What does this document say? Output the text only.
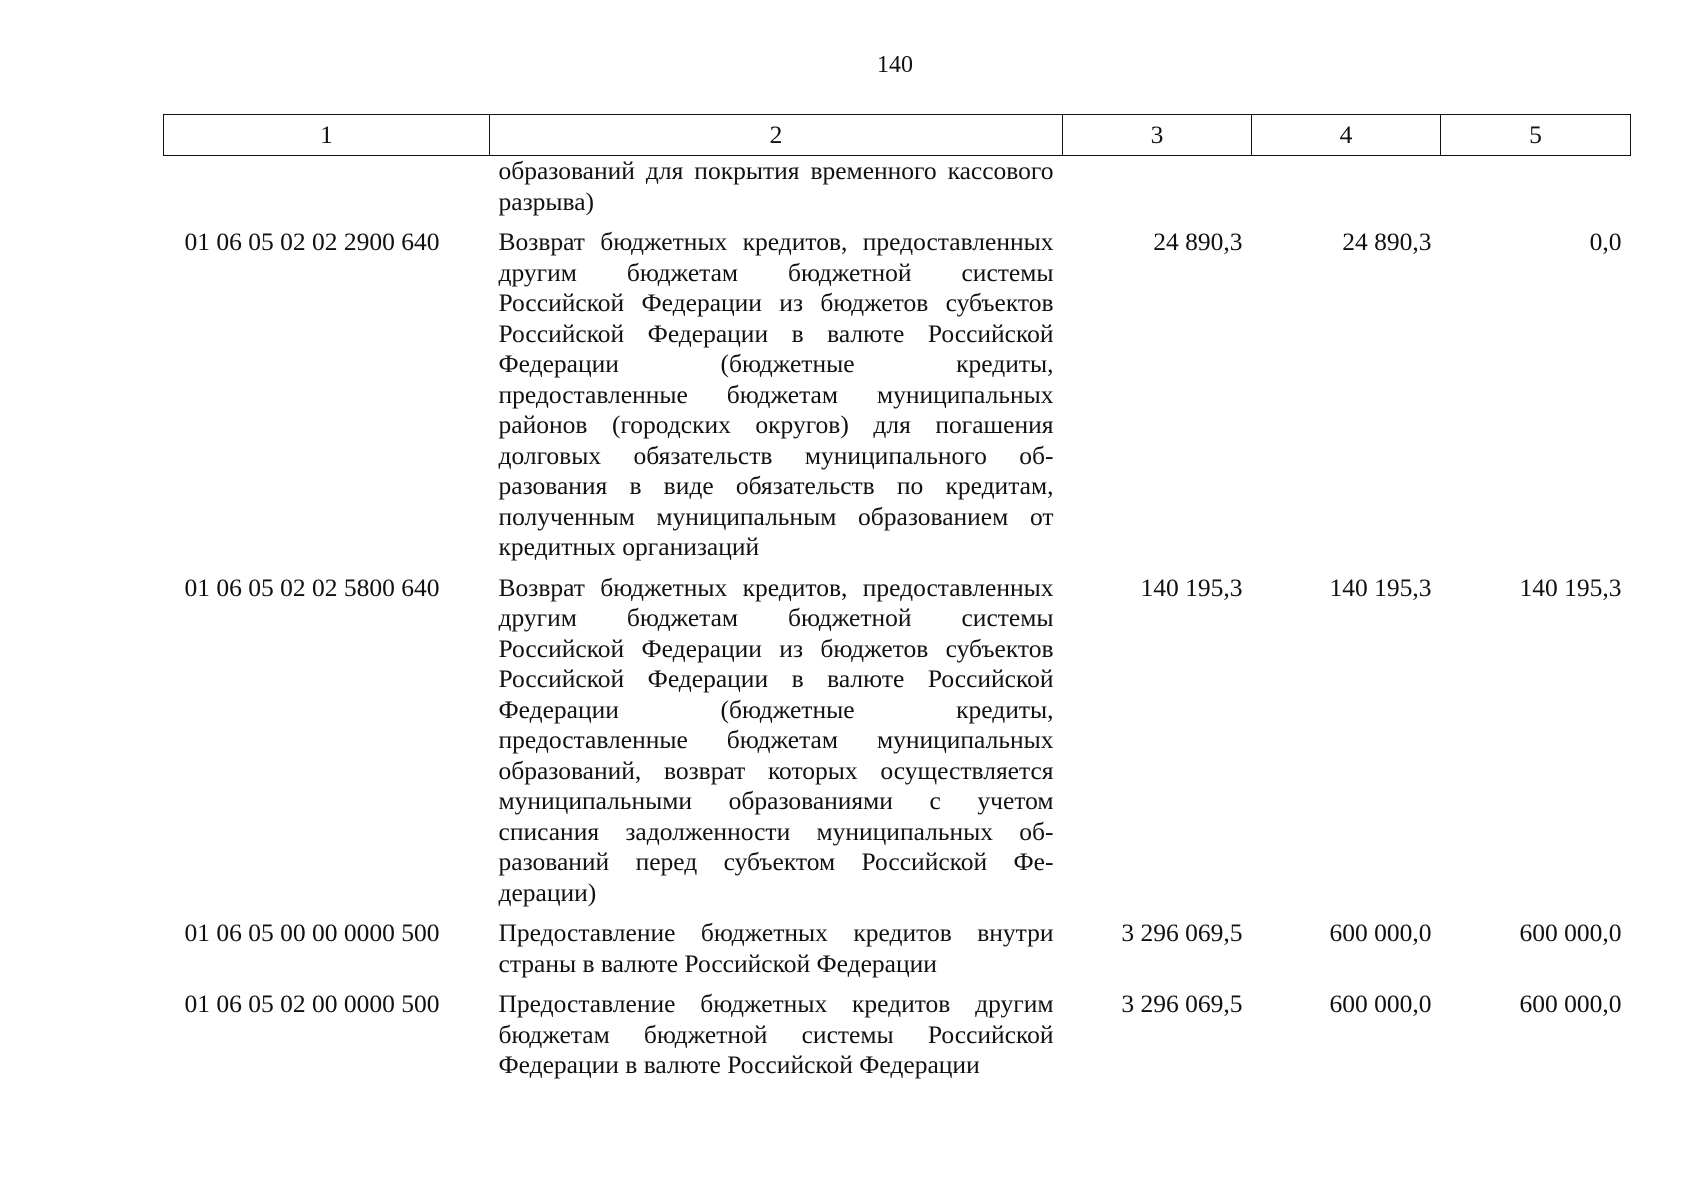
140
1	2	3	4	5
	образований для покрытия временного кассового разрыва)			
01 06 05 02 02 2900 640	Возврат бюджетных кредитов, предоставленных другим бюджетам бюджетной системы Российской Федерации из бюджетов субъектов Российской Федерации в валюте Российской Федерации (бюджетные кредиты, предоставленные бюджетам муниципальных районов (городских округов) для погашения долговых обязательств муниципального образования в виде обязательств по кредитам, полученным муниципальным образованием от кредитных организаций	24 890,3	24 890,3	0,0
01 06 05 02 02 5800 640	Возврат бюджетных кредитов, предоставленных другим бюджетам бюджетной системы Российской Федерации из бюджетов субъектов Российской Федерации в валюте Российской Федерации (бюджетные кредиты, предоставленные бюджетам муниципальных образований, возврат которых осуществляется муниципальными образованиями с учетом списания задолженности муниципальных образований перед субъектом Российской Федерации)	140 195,3	140 195,3	140 195,3
01 06 05 00 00 0000 500	Предоставление бюджетных кредитов внутри страны в валюте Российской Федерации	3 296 069,5	600 000,0	600 000,0
01 06 05 02 00 0000 500	Предоставление бюджетных кредитов другим бюджетам бюджетной системы Российской Федерации в валюте Российской Федерации	3 296 069,5	600 000,0	600 000,0
